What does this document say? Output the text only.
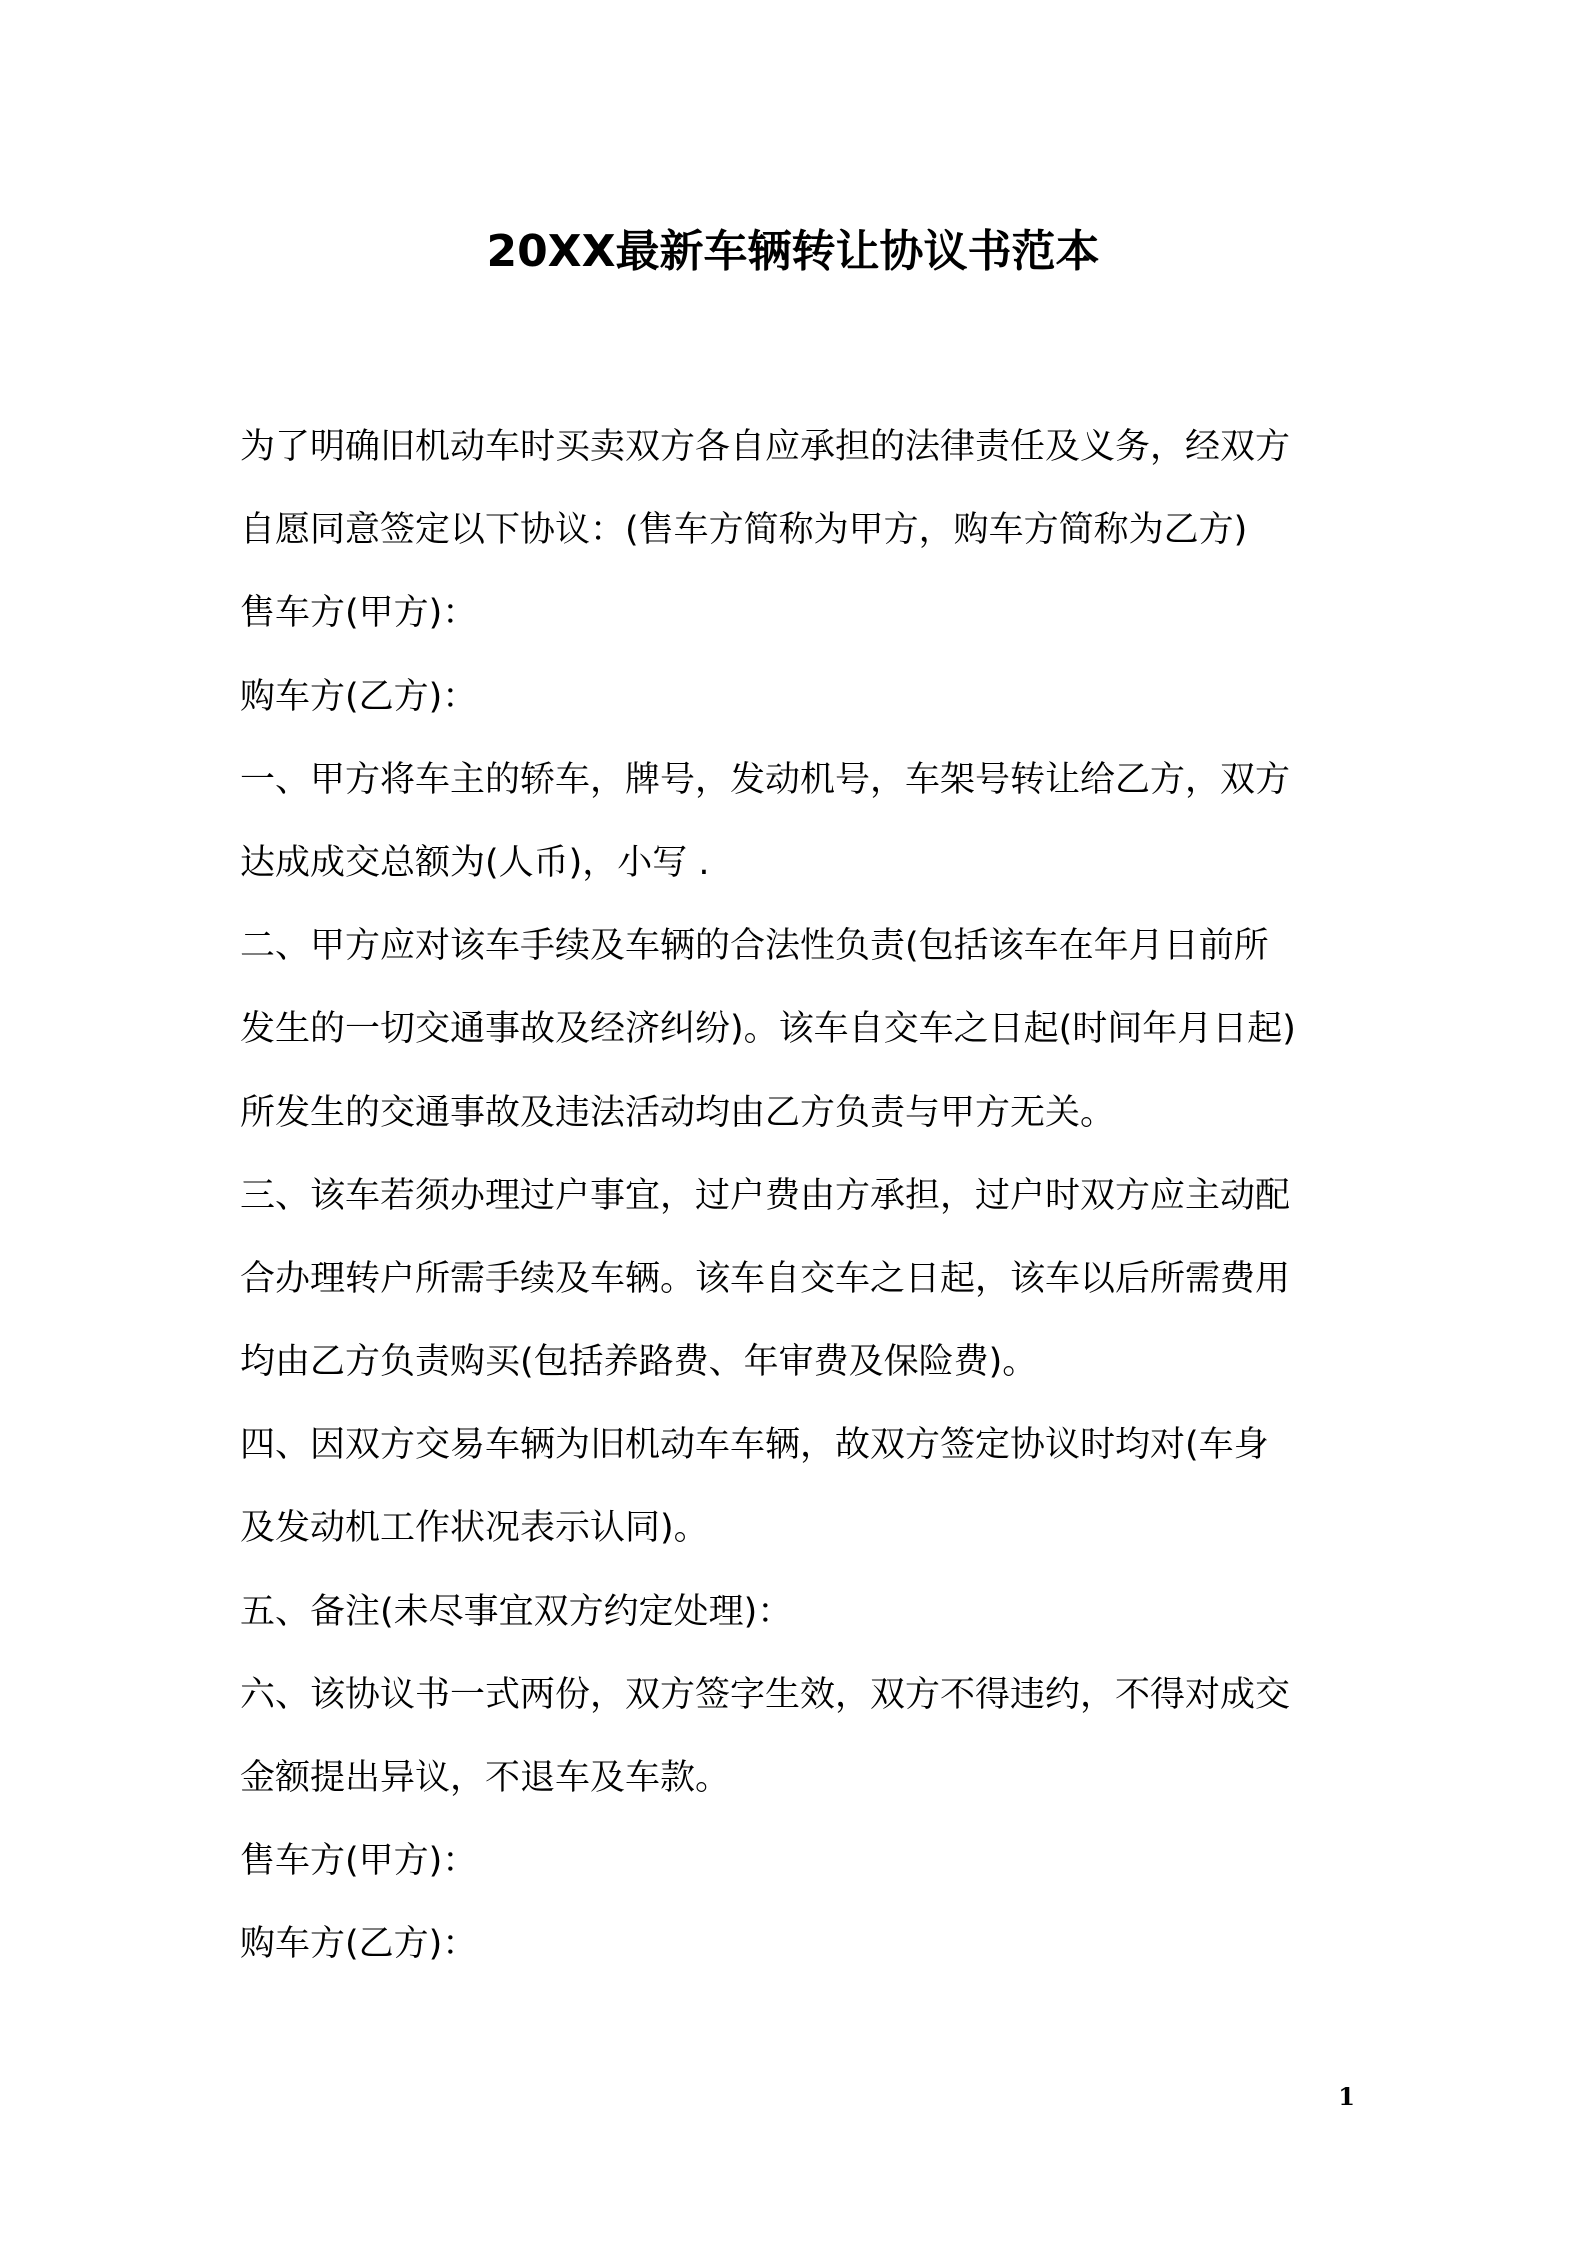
20XX最新车辆转让协议书范本
为了明确旧机动车时买卖双方各自应承担的法律责任及义务，经双方
自愿同意签定以下协议：(售车方简称为甲方，购车方简称为乙方)
售车方(甲方)：
购车方(乙方)：
一、甲方将车主的轿车，牌号，发动机号，车架号转让给乙方，双方
达成成交总额为(人币)，小写 .
二、甲方应对该车手续及车辆的合法性负责(包括该车在年月日前所
发生的一切交通事故及经济纠纷)。该车自交车之日起(时间年月日起)
所发生的交通事故及违法活动均由乙方负责与甲方无关。
三、该车若须办理过户事宜，过户费由方承担，过户时双方应主动配
合办理转户所需手续及车辆。该车自交车之日起，该车以后所需费用
均由乙方负责购买(包括养路费、年审费及保险费)。
四、因双方交易车辆为旧机动车车辆，故双方签定协议时均对(车身
及发动机工作状况表示认同)。
五、备注(未尽事宜双方约定处理)：
六、该协议书一式两份，双方签字生效，双方不得违约，不得对成交
金额提出异议，不退车及车款。
售车方(甲方)：
购车方(乙方)：
1
